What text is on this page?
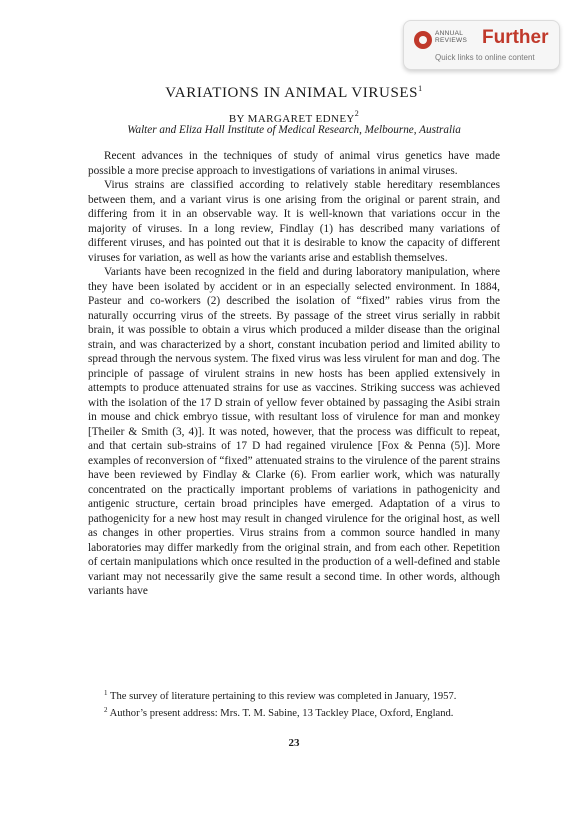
ANNUAL
REVIEWS Further
Quick links to online content
VARIATIONS IN ANIMAL VIRUSES$^1$
BY MARGARET EDNEY$^2$
Walter and Eliza Hall Institute of Medical Research, Melbourne, Australia

Recent advances in the techniques of study of animal virus genetics have made possible a more precise approach to investigations of variations in animal viruses.

Virus strains are classified according to relatively stable hereditary resemblances between them, and a variant virus is one arising from the original or parent strain, and differing from it in an observable way. It is well-known that variations occur in the majority of viruses. In a long review, Findlay (1) has described many variations of different viruses, and has pointed out that it is desirable to know the capacity of different viruses for variation, as well as how the variants arise and establish themselves.

Variants have been recognized in the field and during laboratory manipulation, where they have been isolated by accident or in an especially selected environment. In 1884, Pasteur and co-workers (2) described the isolation of “fixed” rabies virus from the naturally occurring virus of the streets. By passage of the street virus serially in rabbit brain, it was possible to obtain a virus which produced a milder disease than the original strain, and was characterized by a short, constant incubation period and limited ability to spread through the nervous system. The fixed virus was less virulent for man and dog. The principle of passage of virulent strains in new hosts has been applied extensively in attempts to produce attenuated strains for use as vaccines. Striking success was achieved with the isolation of the 17 D strain of yellow fever obtained by passaging the Asibi strain in mouse and chick embryo tissue, with resultant loss of virulence for man and monkey [Theiler & Smith (3, 4)]. It was noted, however, that the process was difficult to repeat, and that certain sub-strains of 17 D had regained virulence [Fox & Penna (5)]. More examples of reconversion of “fixed” attenuated strains to the virulence of the parent strains have been reviewed by Findlay & Clarke (6). From earlier work, which was naturally concentrated on the practically important problems of variations in pathogenicity and antigenic structure, certain broad principles have emerged. Adaptation of a virus to pathogenicity for a new host may result in changed virulence for the original host, as well as changes in other properties. Virus strains from a common source handled in many laboratories may differ markedly from the original strain, and from each other. Repetition of certain manipulations which once resulted in the production of a well-defined and stable variant may not necessarily give the same result a second time. In other words, although variants have

$^1$ The survey of literature pertaining to this review was completed in January, 1957.

$^2$ Author’s present address: Mrs. T. M. Sabine, 13 Tackley Place, Oxford, England.

23
